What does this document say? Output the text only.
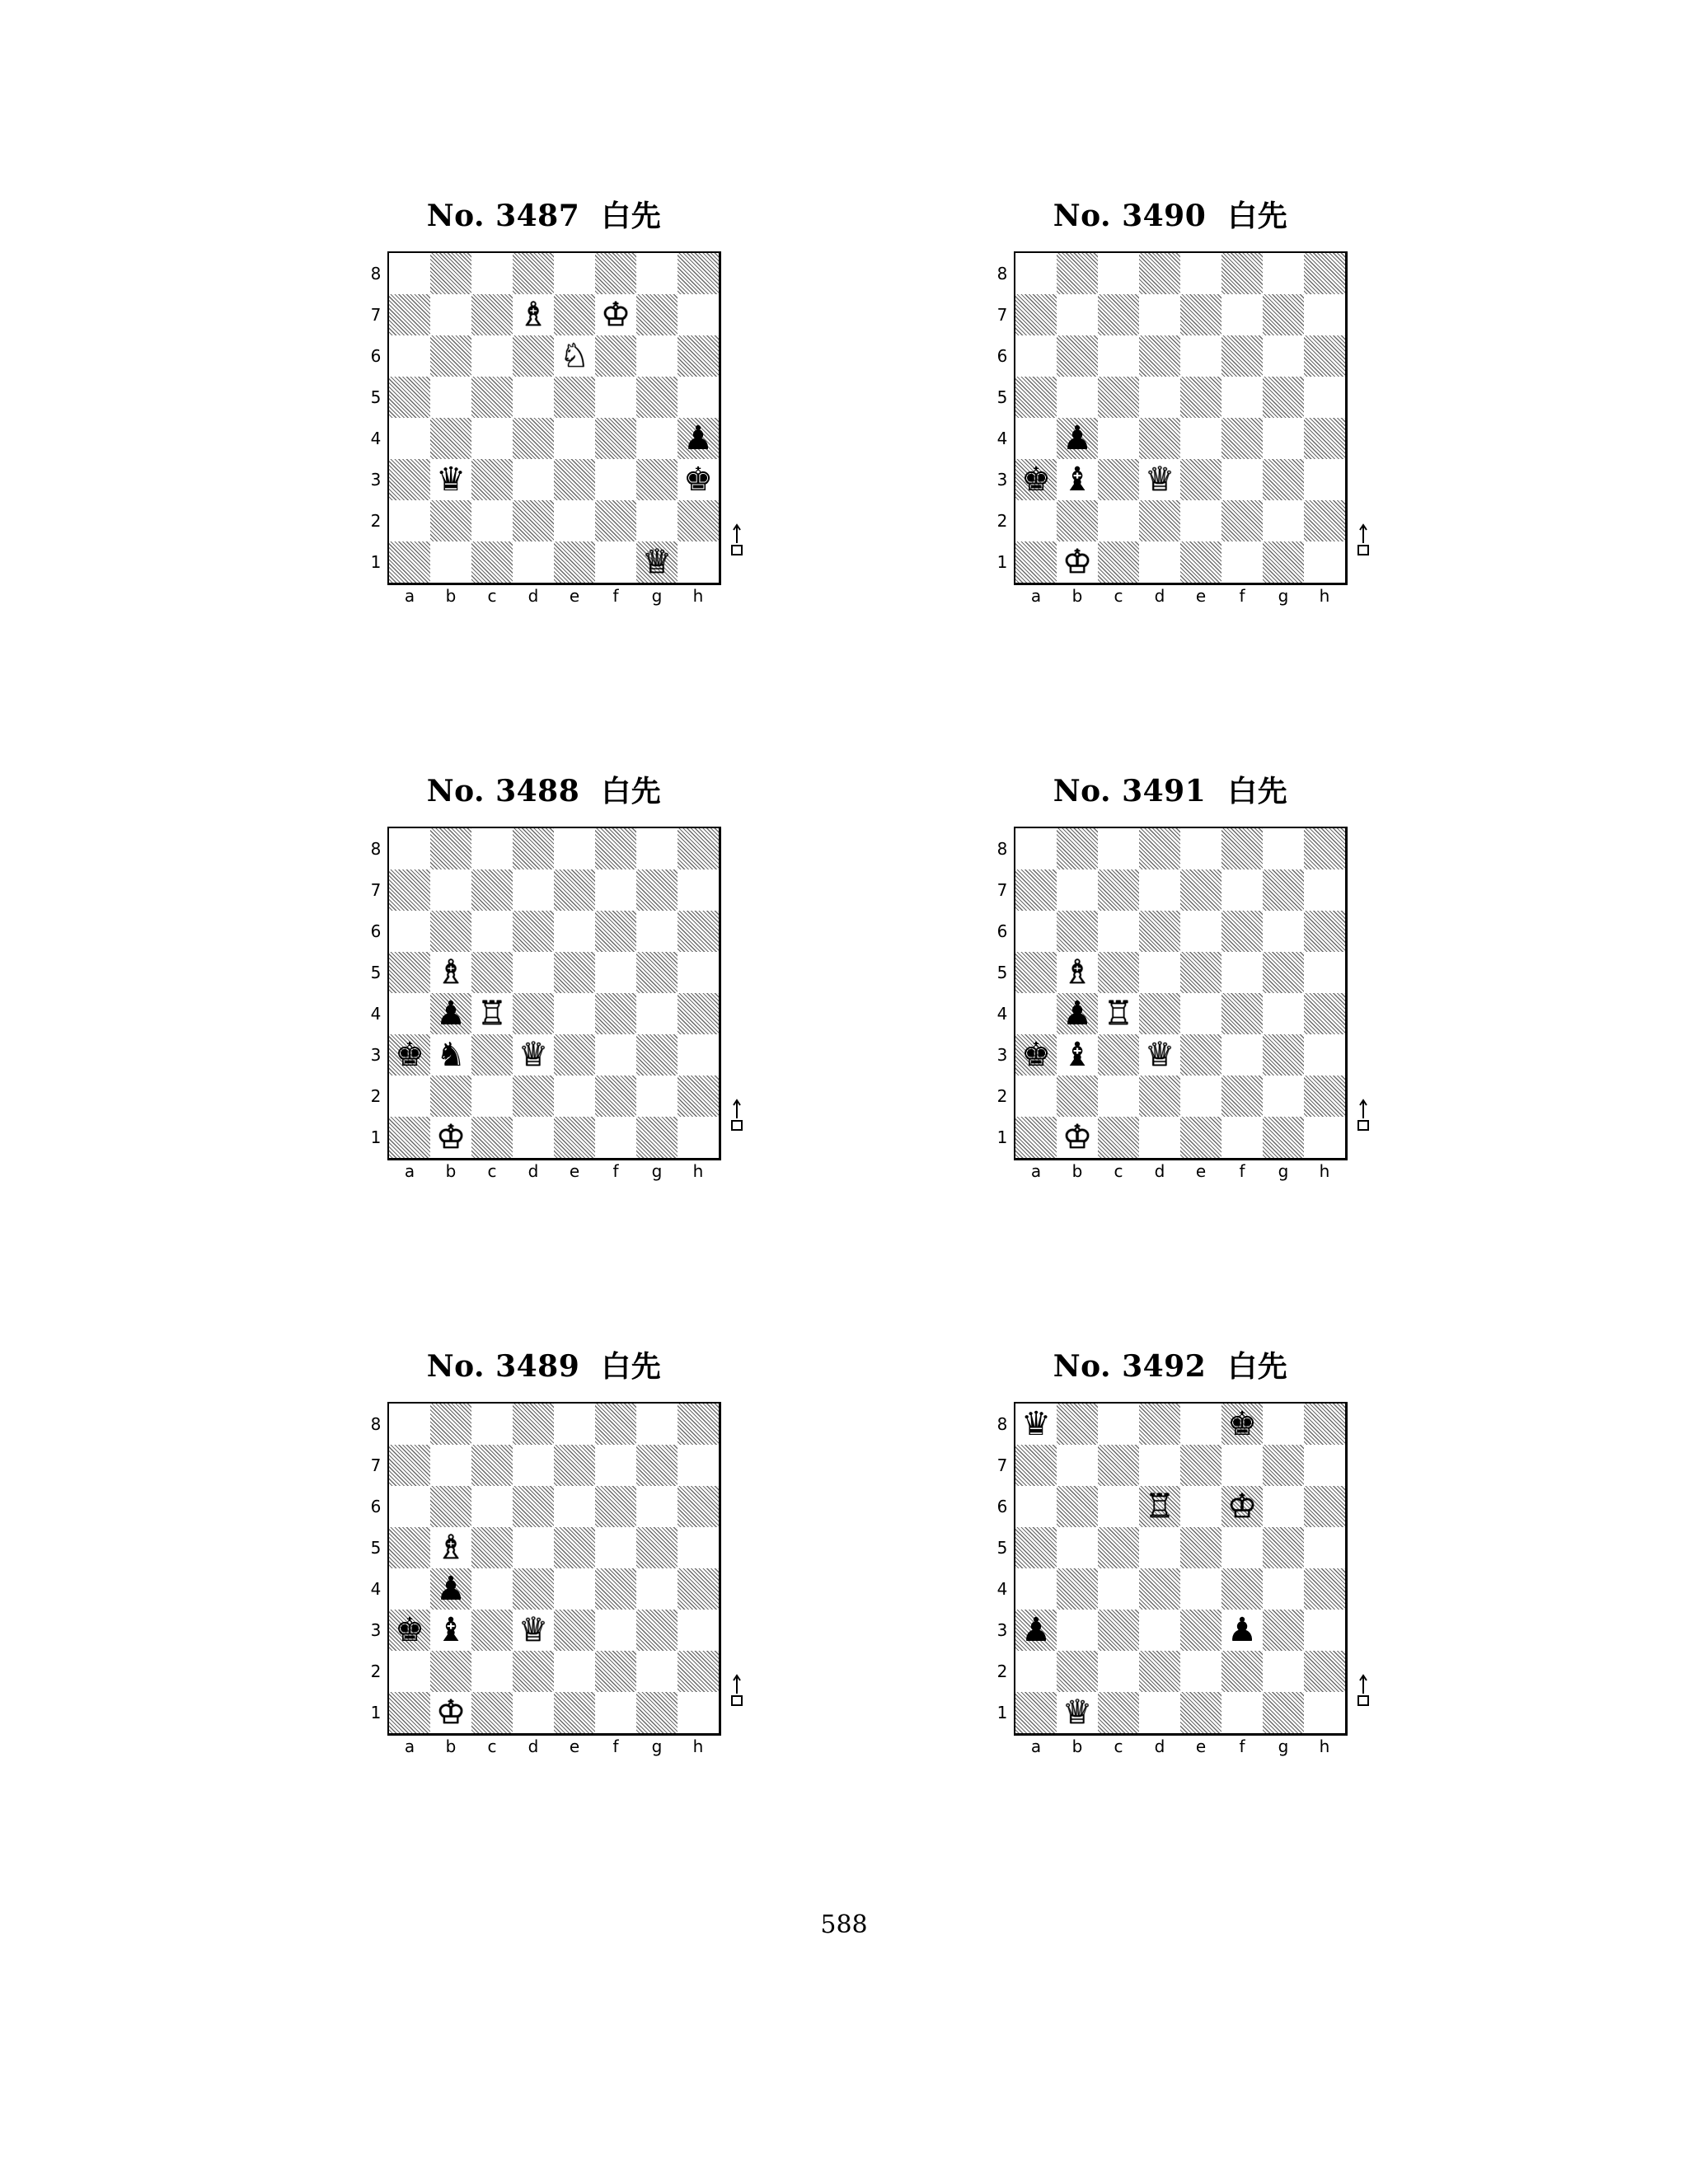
No. 3487 白先
♗ ♔
♘
♟
♛	♚
♕
8
7
6
5
4
3
2
1
a	b	c	d	e	f	g	h
No. 3490 白先
♟
♚ ♝ ♕
♔
8
7
6
5
4
3
2
1
a	b	c	d	e	f	g	h
No. 3488 白先
♗
♟ ♖
♚ ♞ ♕
♔
8
7
6
5
4
3
2
1
a	b	c	d	e	f	g	h
No. 3491 白先
♗
♟ ♖
♚ ♝ ♕
♔
8
7
6
5
4
3
2
1
a	b	c	d	e	f	g	h
No. 3489 白先
♗
♟
♚ ♝ ♕
♔
8
7
6
5
4
3
2
1
a	b	c	d	e	f	g	h
No. 3492 白先
♛	♚
♖ ♔
♟	♟
♕
8
7
6
5
4
3
2
1
a	b	c	d	e	f	g	h
588
